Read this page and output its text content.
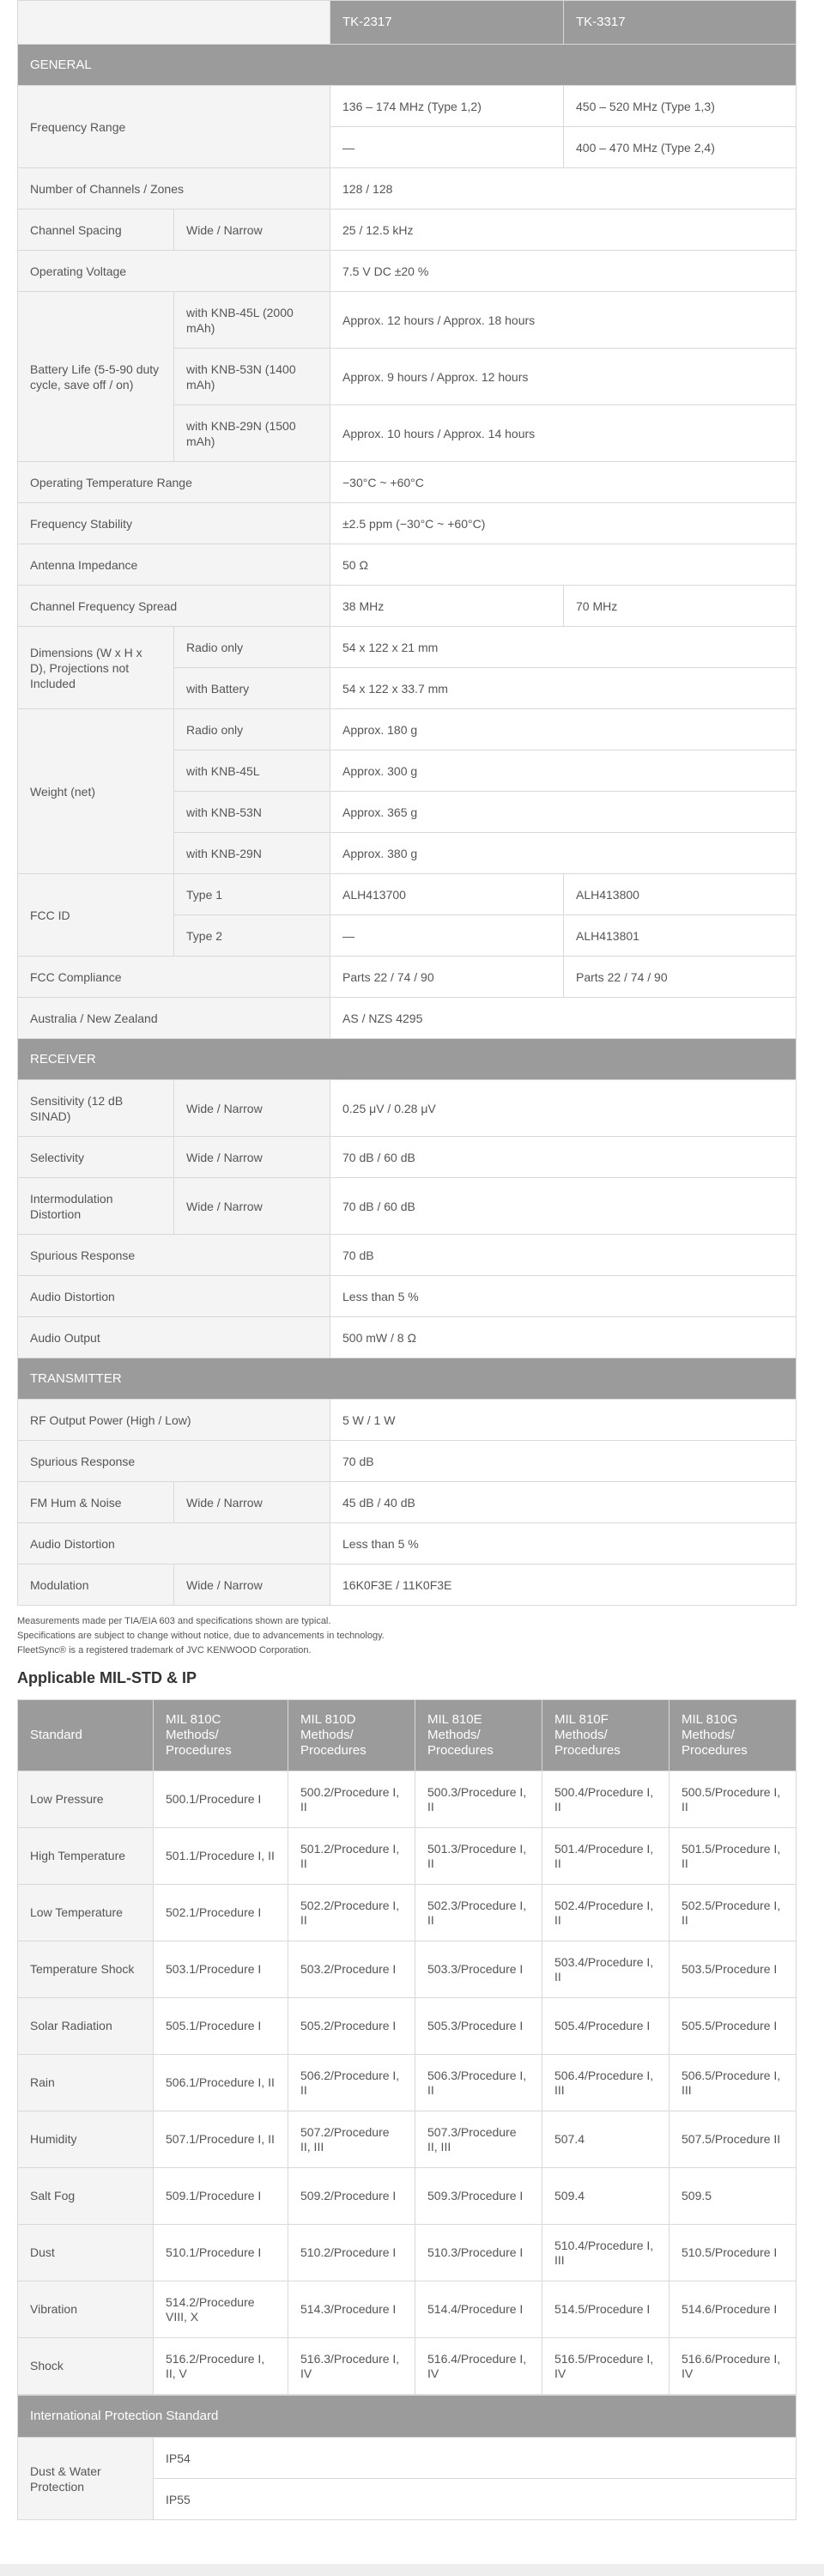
		TK-2317	TK-3317
GENERAL			
Frequency Range		136 – 174 MHz (Type 1,2)	450 – 520 MHz (Type 1,3)
		—	400 – 470 MHz (Type 2,4)
Number of Channels / Zones		128 / 128	
Channel Spacing	Wide / Narrow	25 / 12.5 kHz	
Operating Voltage		7.5 V DC ±20 %	
Battery Life (5-5-90 duty cycle, save off / on)	with KNB-45L (2000 mAh)	Approx. 12 hours / Approx. 18 hours	
	with KNB-53N (1400 mAh)	Approx. 9 hours / Approx. 12 hours	
	with KNB-29N (1500 mAh)	Approx. 10 hours / Approx. 14 hours	
Operating Temperature Range		−30°C ~ +60°C	
Frequency Stability		±2.5 ppm (−30°C ~ +60°C)	
Antenna Impedance		50 Ω	
Channel Frequency Spread		38 MHz	70 MHz
Dimensions (W x H x D), Projections not Included	Radio only	54 x 122 x 21 mm	
	with Battery	54 x 122 x 33.7 mm	
Weight (net)	Radio only	Approx. 180 g	
	with KNB-45L	Approx. 300 g	
	with KNB-53N	Approx. 365 g	
	with KNB-29N	Approx. 380 g	
FCC ID	Type 1	ALH413700	ALH413800
	Type 2	—	ALH413801
FCC Compliance		Parts 22 / 74 / 90	Parts 22 / 74 / 90
Australia / New Zealand		AS / NZS 4295	
RECEIVER			
Sensitivity (12 dB SINAD)	Wide / Narrow	0.25 μV / 0.28 μV	
Selectivity	Wide / Narrow	70 dB / 60 dB	
Intermodulation Distortion	Wide / Narrow	70 dB / 60 dB	
Spurious Response		70 dB	
Audio Distortion		Less than 5 %	
Audio Output		500 mW / 8 Ω	
TRANSMITTER			
RF Output Power (High / Low)		5 W / 1 W	
Spurious Response		70 dB	
FM Hum & Noise	Wide / Narrow	45 dB / 40 dB	
Audio Distortion		Less than 5 %	
Modulation	Wide / Narrow	16K0F3E / 11K0F3E	

Measurements made per TIA/EIA 603 and specifications shown are typical.

Specifications are subject to change without notice, due to advancements in technology.

FleetSync® is a registered trademark of JVC KENWOOD Corporation.

Applicable MIL-STD & IP
Standard	MIL 810C Methods/ Procedures	MIL 810D Methods/ Procedures	MIL 810E Methods/ Procedures	MIL 810F Methods/ Procedures	MIL 810G Methods/ Procedures
Low Pressure	500.1/Procedure I	500.2/Procedure I, II	500.3/Procedure I, II	500.4/Procedure I, II	500.5/Procedure I, II
High Temperature	501.1/Procedure I, II	501.2/Procedure I, II	501.3/Procedure I, II	501.4/Procedure I, II	501.5/Procedure I, II
Low Temperature	502.1/Procedure I	502.2/Procedure I, II	502.3/Procedure I, II	502.4/Procedure I, II	502.5/Procedure I, II
Temperature Shock	503.1/Procedure I	503.2/Procedure I	503.3/Procedure I	503.4/Procedure I, II	503.5/Procedure I
Solar Radiation	505.1/Procedure I	505.2/Procedure I	505.3/Procedure I	505.4/Procedure I	505.5/Procedure I
Rain	506.1/Procedure I, II	506.2/Procedure I, II	506.3/Procedure I, II	506.4/Procedure I, III	506.5/Procedure I, III
Humidity	507.1/Procedure I, II	507.2/Procedure II, III	507.3/Procedure II, III	507.4	507.5/Procedure II
Salt Fog	509.1/Procedure I	509.2/Procedure I	509.3/Procedure I	509.4	509.5
Dust	510.1/Procedure I	510.2/Procedure I	510.3/Procedure I	510.4/Procedure I, III	510.5/Procedure I
Vibration	514.2/Procedure VIII, X	514.3/Procedure I	514.4/Procedure I	514.5/Procedure I	514.6/Procedure I
Shock	516.2/Procedure I, II, V	516.3/Procedure I, IV	516.4/Procedure I, IV	516.5/Procedure I, IV	516.6/Procedure I, IV
International Protection Standard
Dust & Water Protection	IP54
IP55
